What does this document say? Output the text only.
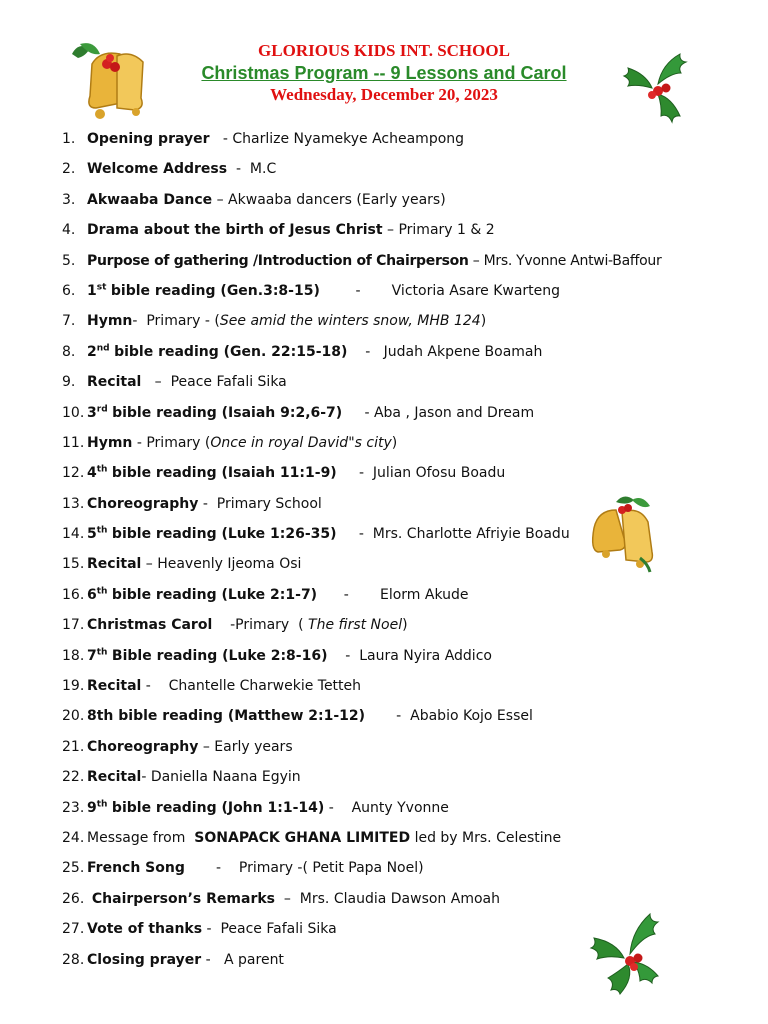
GLORIOUS KIDS INT. SCHOOL
Christmas Program -- 9 Lessons and Carol
Wednesday, December 20, 2023
1. Opening prayer   - Charlize Nyamekye Acheampong
2. Welcome Address  -  M.C
3. Akwaaba Dance – Akwaaba dancers (Early years)
4. Drama about the birth of Jesus Christ – Primary 1 & 2
5. Purpose of gathering /Introduction of Chairperson – Mrs. Yvonne Antwi-Baffour
6. 1st bible reading (Gen.3:8-15)        -       Victoria Asare Kwarteng
7. Hymn-  Primary - (See amid the winters snow, MHB 124)
8. 2nd bible reading (Gen. 22:15-18)    -   Judah Akpene Boamah
9. Recital   –  Peace Fafali Sika
10. 3rd bible reading (Isaiah 9:2,6-7)     - Aba , Jason and Dream
11. Hymn - Primary (Once in royal David"s city)
12. 4th bible reading (Isaiah 11:1-9)     -  Julian Ofosu Boadu
13. Choreography -  Primary School
14. 5th bible reading (Luke 1:26-35)     -  Mrs. Charlotte Afriyie Boadu
15. Recital – Heavenly Ijeoma Osi
16. 6th bible reading (Luke 2:1-7)      -       Elorm Akude
17. Christmas Carol    -Primary  ( The first Noel)
18. 7th Bible reading (Luke 2:8-16)    -  Laura Nyira Addico
19. Recital -    Chantelle Charwekie Tetteh
20. 8th bible reading (Matthew 2:1-12)       -  Ababio Kojo Essel
21. Choreography – Early years
22. Recital- Daniella Naana Egyin
23. 9th bible reading (John 1:1-14) -    Aunty Yvonne
24. Message from  SONAPACK GHANA LIMITED led by Mrs. Celestine
25. French Song       -    Primary -( Petit Papa Noel)
26. Chairperson’s Remarks  –  Mrs. Claudia Dawson Amoah
27. Vote of thanks -  Peace Fafali Sika
28. Closing prayer -   A parent
